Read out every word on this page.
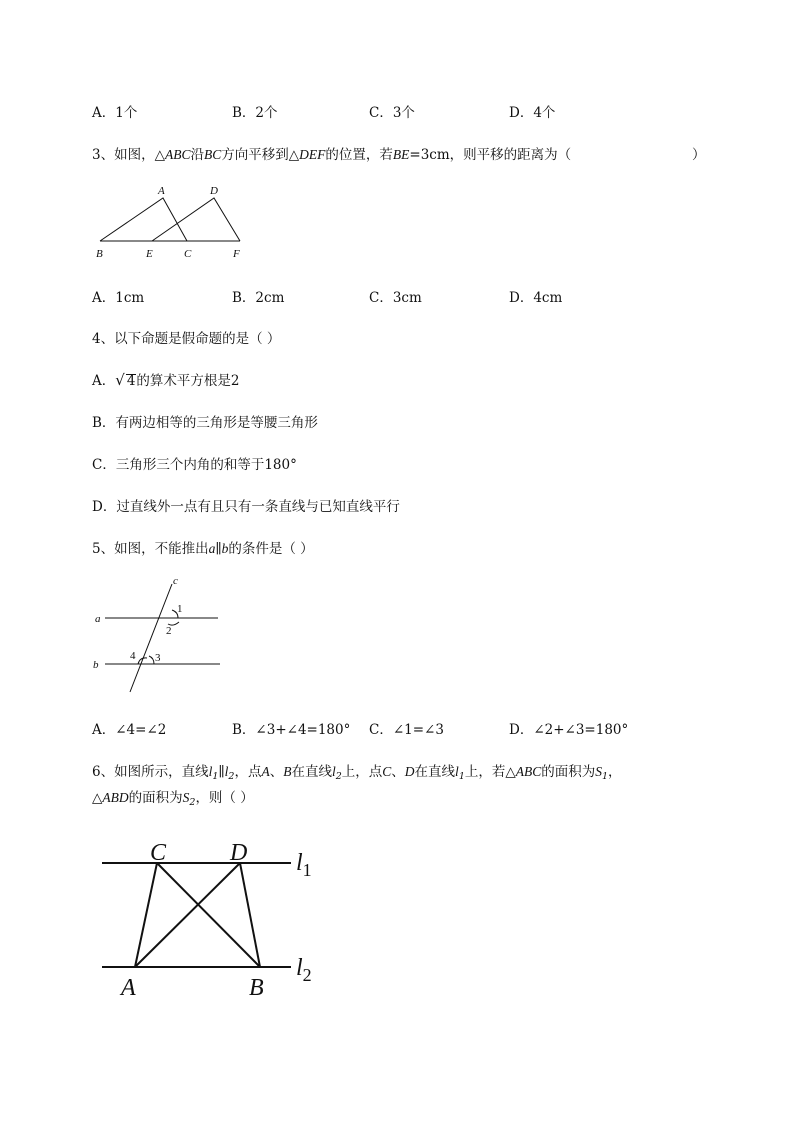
A．1个	B．2个	C．3个	D．4个
3、如图，△ABC沿BC方向平移到△DEF的位置，若BE=3cm，则平移的距离为（	）
A	D
B	E	C	F
A．1cm	B．2cm	C．3cm	D．4cm
4、以下命题是假命题的是（ ）
A．√ 4的算术平方根是2
B．有两边相等的三角形是等腰三角形
C．三角形三个内角的和等于180°
D．过直线外一点有且只有一条直线与已知直线平行
5、如图，不能推出a∥b的条件是（ ）
c
a
b
1
2
3
4
A．∠4=∠2	B．∠3+∠4=180° C．∠1=∠3	D．∠2+∠3=180°
6、如图所示，直线$l_1\parallel l_2$，点A、B在直线$l_2$上，点C、D在直线$l_1$上，若△ABC的面积为$S_1$，
△ABD的面积为$S_2$，则（ ）
C	D
A	B
$l_1$
$l_2$
